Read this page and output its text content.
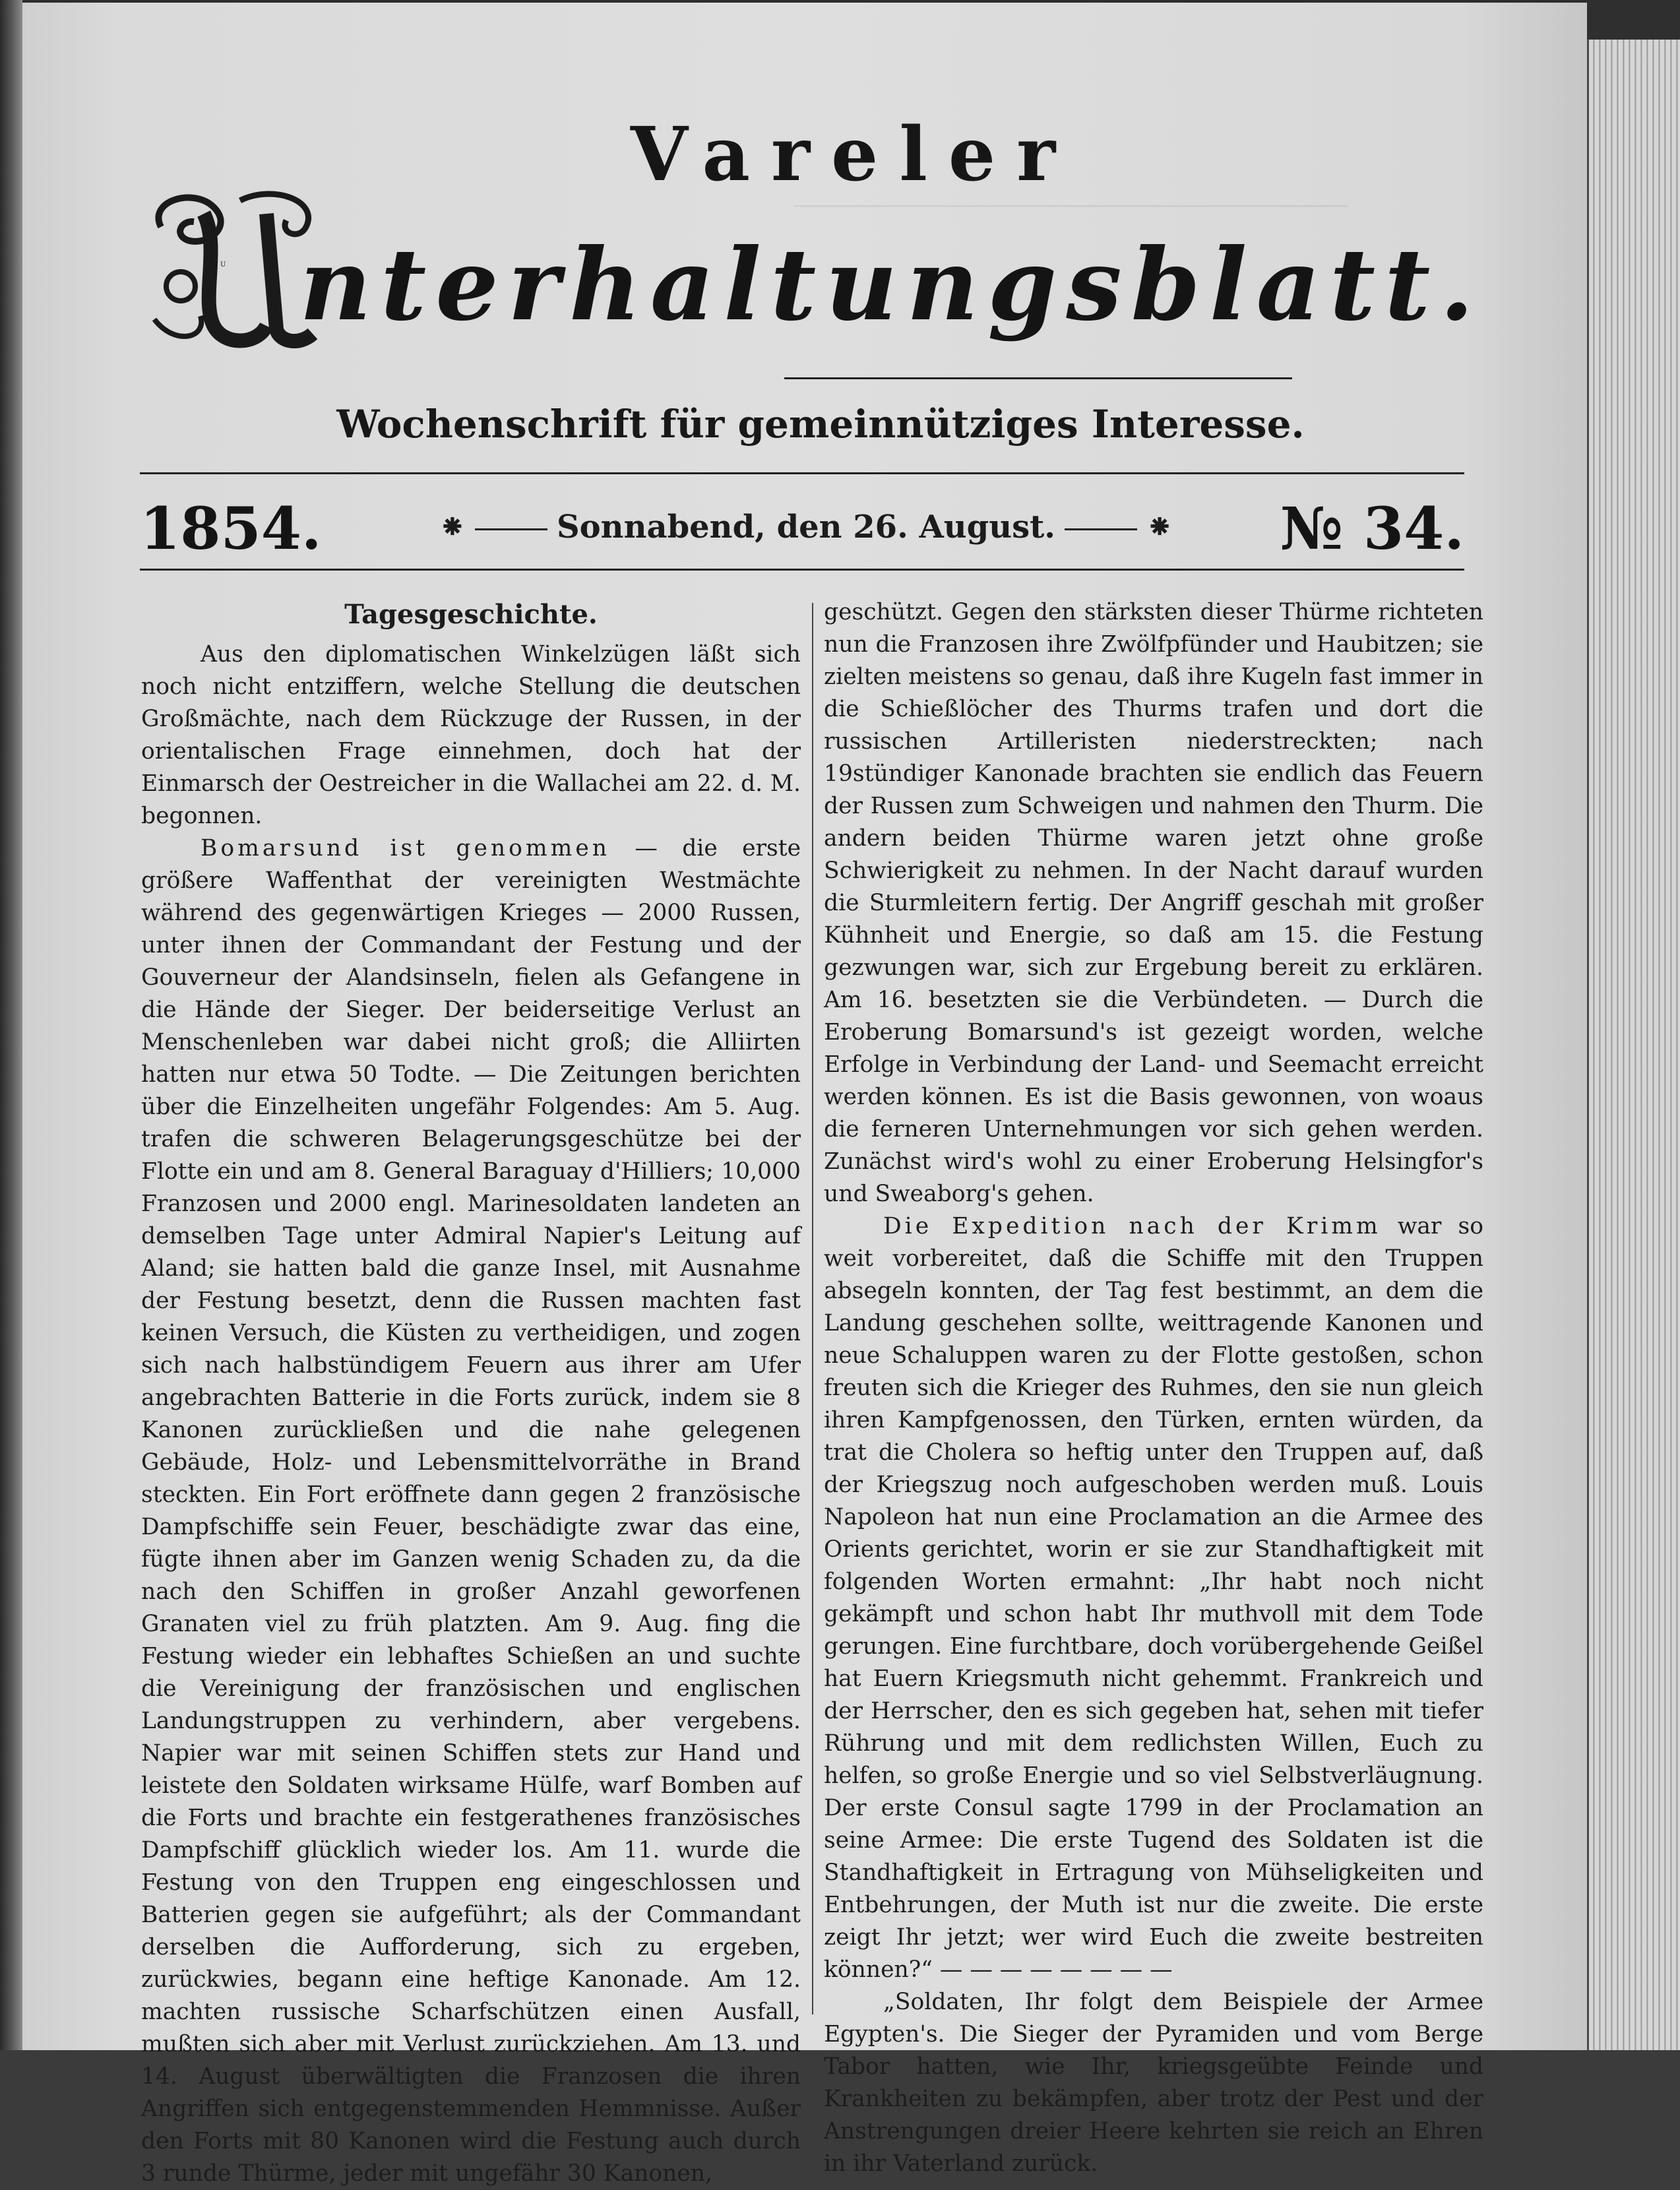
─────────────────────────────────────────
Vareler
U nterhaltungsblatt.
Wochenschrift für gemeinnütziges Interesse.
1854.	⁕	Sonnabend, den 26. August.	⁕ № 34.
Tagesgeschichte.

Aus den diplomatischen Winkelzügen läßt sich noch nicht entziffern, welche Stellung die deutschen Großmächte, nach dem Rückzuge der Russen, in der orientalischen Frage einnehmen, doch hat der Einmarsch der Oestreicher in die Wallachei am 22. d. M. begonnen.

Bomarsund ist genommen — die erste größere Waffenthat der vereinigten Westmächte während des gegenwärtigen Krieges — 2000 Russen, unter ihnen der Commandant der Festung und der Gouverneur der Alandsinseln, fielen als Gefangene in die Hände der Sieger. Der beiderseitige Verlust an Menschenleben war dabei nicht groß; die Alliirten hatten nur etwa 50 Todte. — Die Zeitungen berichten über die Einzelheiten ungefähr Folgendes: Am 5. Aug. trafen die schweren Belagerungsgeschütze bei der Flotte ein und am 8. General Baraguay d'Hilliers; 10,000 Franzosen und 2000 engl. Marinesoldaten landeten an demselben Tage unter Admiral Napier's Leitung auf Aland; sie hatten bald die ganze Insel, mit Ausnahme der Festung besetzt, denn die Russen machten fast keinen Versuch, die Küsten zu vertheidigen, und zogen sich nach halbstündigem Feuern aus ihrer am Ufer angebrachten Batterie in die Forts zurück, indem sie 8 Kanonen zurückließen und die nahe gelegenen Gebäude, Holz- und Lebensmittelvorräthe in Brand steckten. Ein Fort eröffnete dann gegen 2 französische Dampfschiffe sein Feuer, beschädigte zwar das eine, fügte ihnen aber im Ganzen wenig Schaden zu, da die nach den Schiffen in großer Anzahl geworfenen Granaten viel zu früh platzten. Am 9. Aug. fing die Festung wieder ein lebhaftes Schießen an und suchte die Vereinigung der französischen und englischen Landungstruppen zu verhindern, aber vergebens. Napier war mit seinen Schiffen stets zur Hand und leistete den Soldaten wirksame Hülfe, warf Bomben auf die Forts und brachte ein festgerathenes französisches Dampfschiff glücklich wieder los. Am 11. wurde die Festung von den Truppen eng eingeschlossen und Batterien gegen sie aufgeführt; als der Commandant derselben die Aufforderung, sich zu ergeben, zurückwies, begann eine heftige Kanonade. Am 12. machten russische Scharfschützen einen Ausfall, mußten sich aber mit Verlust zurückziehen. Am 13. und 14. August überwältigten die Franzosen die ihren Angriffen sich entgegenstemmenden Hemmnisse. Außer den Forts mit 80 Kanonen wird die Festung auch durch 3 runde Thürme, jeder mit ungefähr 30 Kanonen,

geschützt. Gegen den stärksten dieser Thürme richteten nun die Franzosen ihre Zwölfpfünder und Haubitzen; sie zielten meistens so genau, daß ihre Kugeln fast immer in die Schießlöcher des Thurms trafen und dort die russischen Artilleristen niederstreckten; nach 19stündiger Kanonade brachten sie endlich das Feuern der Russen zum Schweigen und nahmen den Thurm. Die andern beiden Thürme waren jetzt ohne große Schwierigkeit zu nehmen. In der Nacht darauf wurden die Sturmleitern fertig. Der Angriff geschah mit großer Kühnheit und Energie, so daß am 15. die Festung gezwungen war, sich zur Ergebung bereit zu erklären. Am 16. besetzten sie die Verbündeten. — Durch die Eroberung Bomarsund's ist gezeigt worden, welche Erfolge in Verbindung der Land- und Seemacht erreicht werden können. Es ist die Basis gewonnen, von woaus die ferneren Unternehmungen vor sich gehen werden. Zunächst wird's wohl zu einer Eroberung Helsingfor's und Sweaborg's gehen.

Die Expedition nach der Krimm war so weit vorbereitet, daß die Schiffe mit den Truppen absegeln konnten, der Tag fest bestimmt, an dem die Landung geschehen sollte, weittragende Kanonen und neue Schaluppen waren zu der Flotte gestoßen, schon freuten sich die Krieger des Ruhmes, den sie nun gleich ihren Kampfgenossen, den Türken, ernten würden, da trat die Cholera so heftig unter den Truppen auf, daß der Kriegszug noch aufgeschoben werden muß. Louis Napoleon hat nun eine Proclamation an die Armee des Orients gerichtet, worin er sie zur Standhaftigkeit mit folgenden Worten ermahnt: „Ihr habt noch nicht gekämpft und schon habt Ihr muthvoll mit dem Tode gerungen. Eine furchtbare, doch vorübergehende Geißel hat Euern Kriegsmuth nicht gehemmt. Frankreich und der Herrscher, den es sich gegeben hat, sehen mit tiefer Rührung und mit dem redlichsten Willen, Euch zu helfen, so große Energie und so viel Selbstverläugnung. Der erste Consul sagte 1799 in der Proclamation an seine Armee: Die erste Tugend des Soldaten ist die Standhaftigkeit in Ertragung von Mühseligkeiten und Entbehrungen, der Muth ist nur die zweite. Die erste zeigt Ihr jetzt; wer wird Euch die zweite bestreiten können?“ — — — — — — — —

„Soldaten, Ihr folgt dem Beispiele der Armee Egypten's. Die Sieger der Pyramiden und vom Berge Tabor hatten, wie Ihr, kriegsgeübte Feinde und Krankheiten zu bekämpfen, aber trotz der Pest und der Anstrengungen dreier Heere kehrten sie reich an Ehren in ihr Vaterland zurück.
